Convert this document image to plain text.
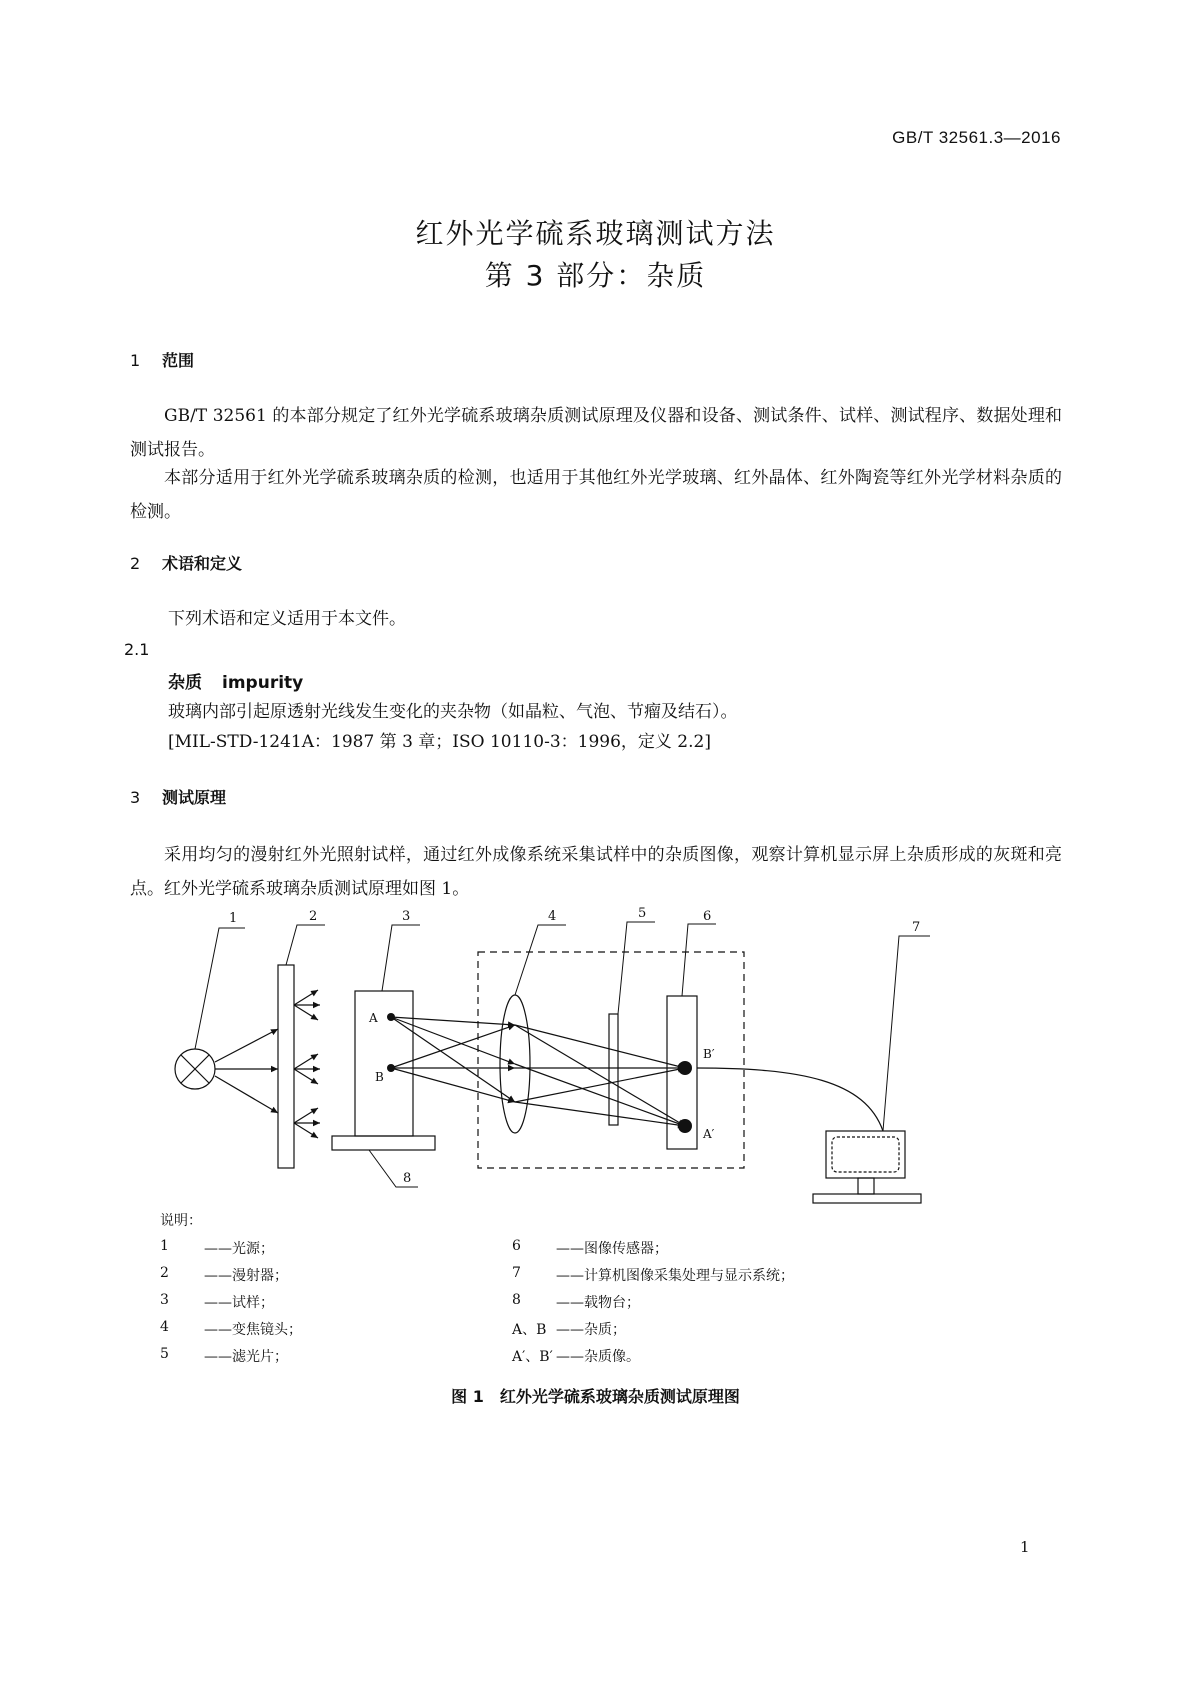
GB/T 32561.3—2016
红外光学硫系玻璃测试方法
第 3 部分：杂质
1 范围
GB/T 32561 的本部分规定了红外光学硫系玻璃杂质测试原理及仪器和设备、测试条件、试样、测试程序、数据处理和测试报告。
本部分适用于红外光学硫系玻璃杂质的检测，也适用于其他红外光学玻璃、红外晶体、红外陶瓷等红外光学材料杂质的检测。
2 术语和定义
下列术语和定义适用于本文件。
2.1
杂质 impurity
玻璃内部引起原透射光线发生变化的夹杂物（如晶粒、气泡、节瘤及结石）。
[MIL-STD-1241A：1987 第 3 章；ISO 10110-3：1996，定义 2.2]
3 测试原理
采用均匀的漫射红外光照射试样，通过红外成像系统采集试样中的杂质图像，观察计算机显示屏上杂质形成的灰斑和亮点。红外光学硫系玻璃杂质测试原理如图 1。
1	2	3	4	5	6
7
8
A
B
B′
A′
说明：
1	——光源；
2	——漫射器；
3	——试样；
4	——变焦镜头；
5	——滤光片；
6	——图像传感器；
7	——计算机图像采集处理与显示系统；
8	——载物台；
A、B ——杂质；
A′、B′ ——杂质像。
图 1　红外光学硫系玻璃杂质测试原理图
1
